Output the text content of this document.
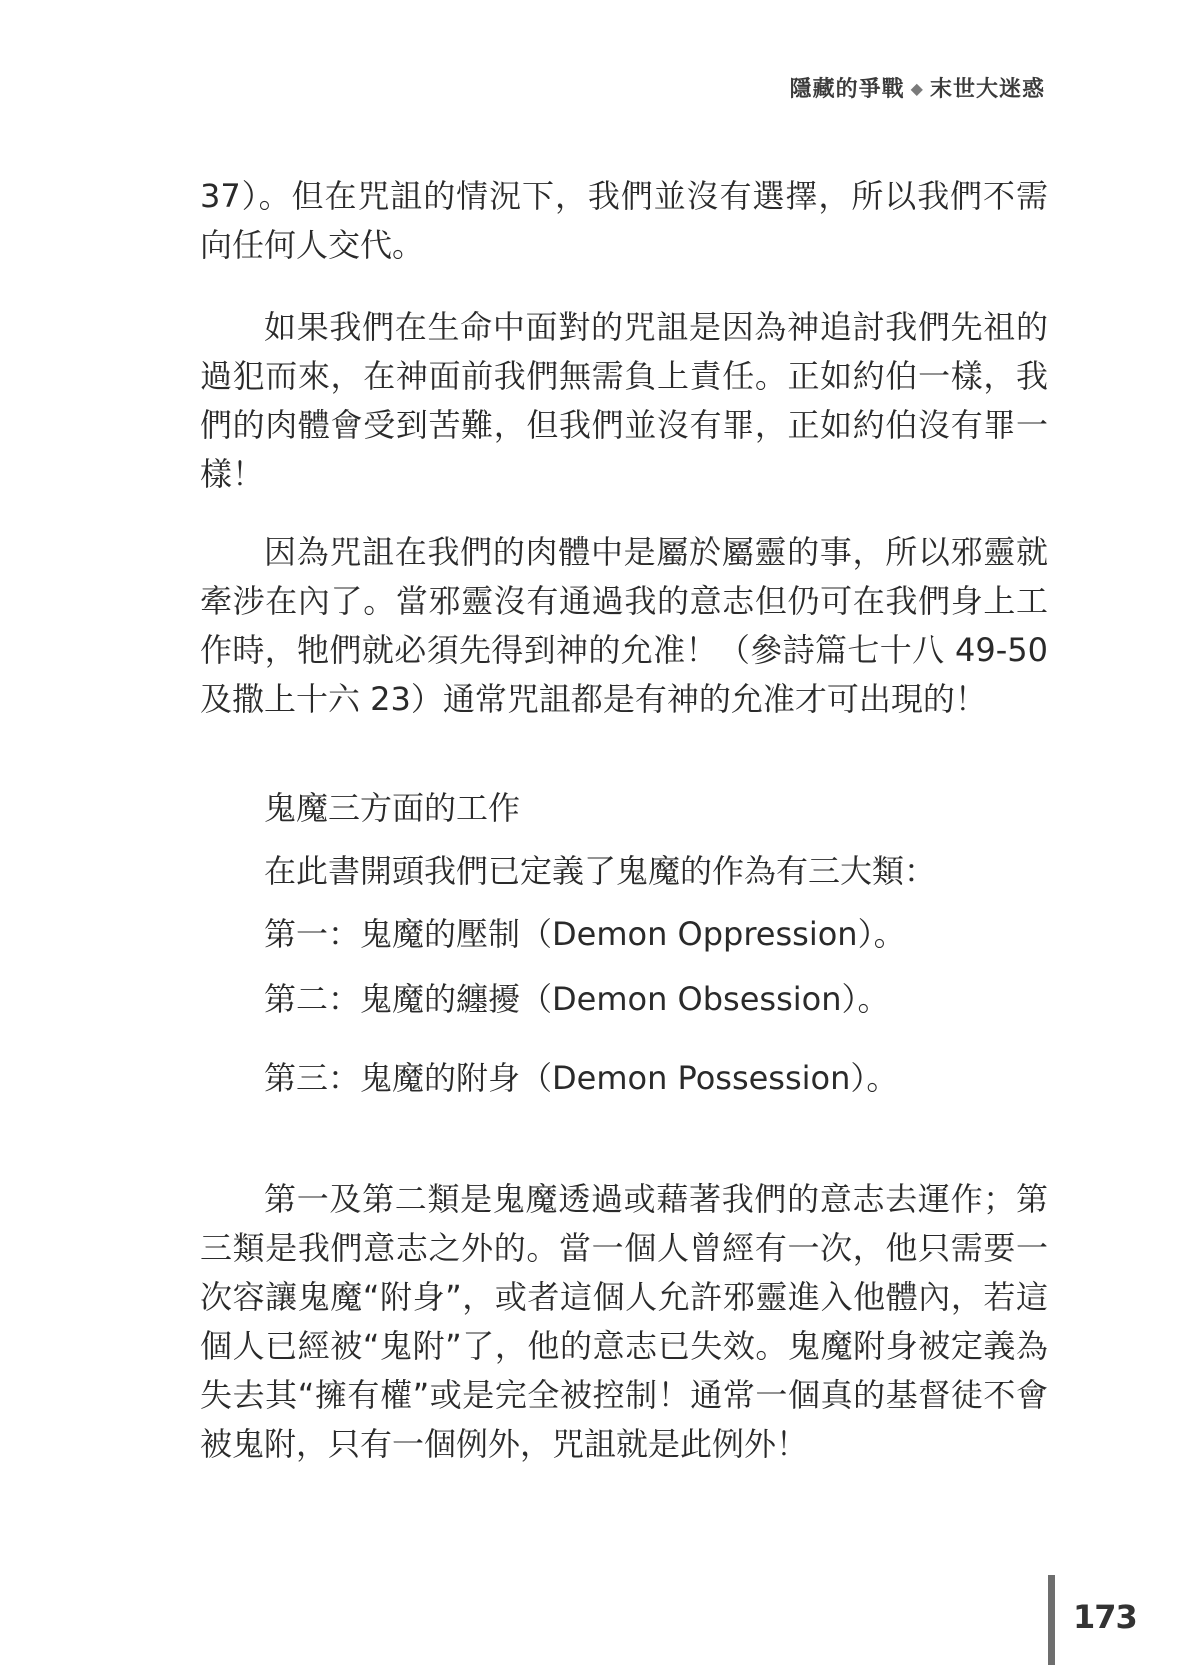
隱藏的爭戰 ◆ 末世大迷惑

37）。但在咒詛的情況下，我們並沒有選擇，所以我們不需向任何人交代。

如果我們在生命中面對的咒詛是因為神追討我們先祖的過犯而來，在神面前我們無需負上責任。正如約伯一樣，我們的肉體會受到苦難，但我們並沒有罪，正如約伯沒有罪一樣！

因為咒詛在我們的肉體中是屬於屬靈的事，所以邪靈就牽涉在內了。當邪靈沒有通過我的意志但仍可在我們身上工作時，牠們就必須先得到神的允准！（參詩篇七十八 49-50 及撒上十六 23）通常咒詛都是有神的允准才可出現的！

鬼魔三方面的工作

在此書開頭我們已定義了鬼魔的作為有三大類：

第一：鬼魔的壓制（Demon Oppression）。

第二：鬼魔的纏擾（Demon Obsession）。

第三：鬼魔的附身（Demon Possession）。

第一及第二類是鬼魔透過或藉著我們的意志去運作；第三類是我們意志之外的。當一個人曾經有一次，他只需要一次容讓鬼魔“附身”，或者這個人允許邪靈進入他體內，若這個人已經被“鬼附”了，他的意志已失效。鬼魔附身被定義為失去其“擁有權”或是完全被控制！通常一個真的基督徒不會被鬼附，只有一個例外，咒詛就是此例外！

173
